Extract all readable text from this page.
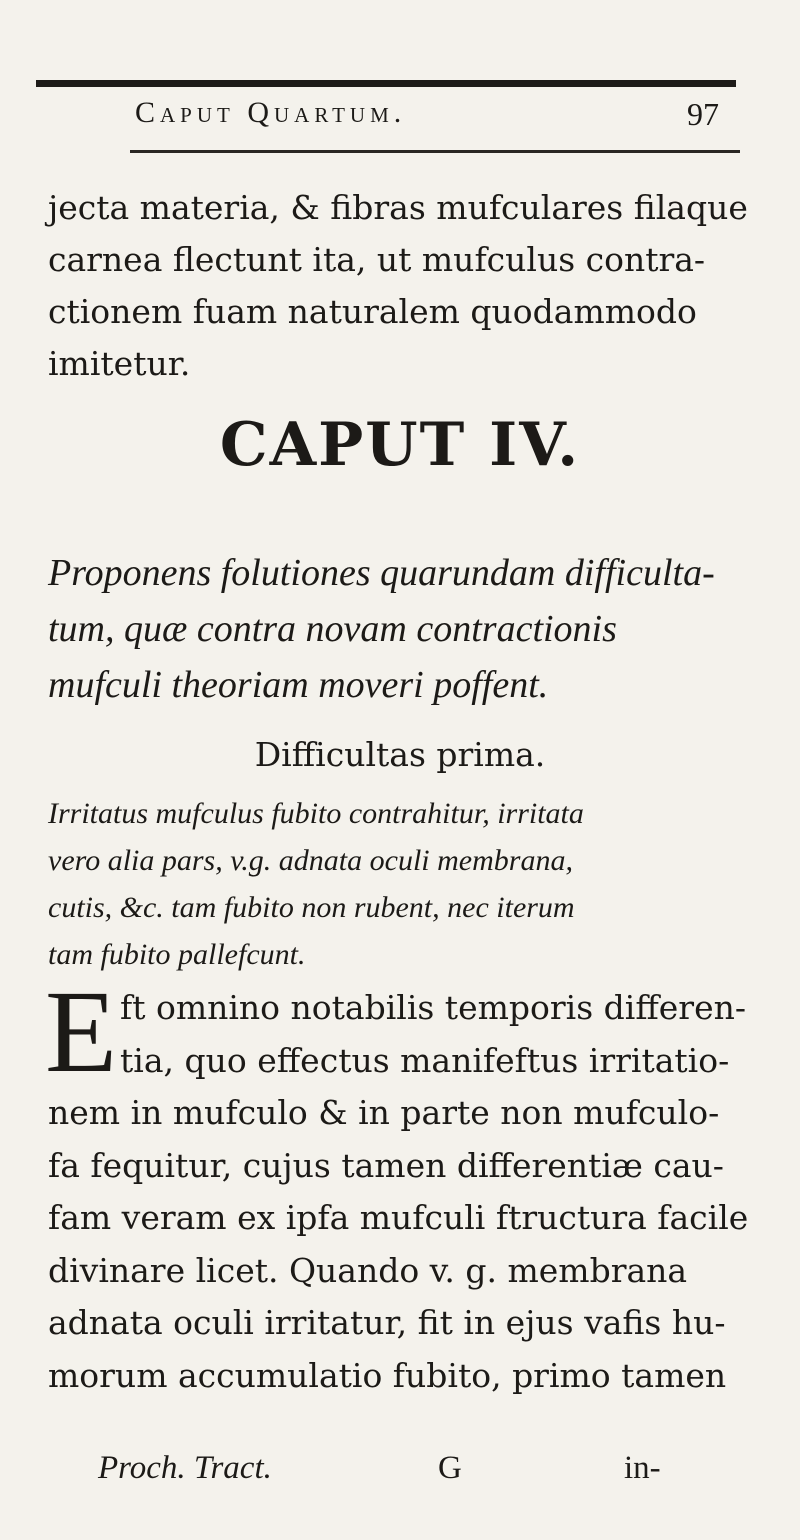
Caput Quartum.	97

jecta materia, & fibras mufculares filaque
carnea flectunt ita, ut mufculus contra-
ctionem fuam naturalem quodammodo
imitetur.

CAPUT IV.
Proponens folutiones quarundam difficulta-
tum, quæ contra novam contractionis
mufculi theoriam moveri poffent.
Difficultas prima.
Irritatus mufculus fubito contrahitur, irritata
vero alia pars, v.g. adnata oculi membrana,
cutis, &c. tam fubito non rubent, nec iterum
tam fubito pallefcunt.
E ft omnino notabilis temporis differen-
tia, quo effectus manifeftus irritatio-
nem in mufculo & in parte non mufculo-
fa fequitur, cujus tamen differentiæ cau-
fam veram ex ipfa mufculi ftructura facile
divinare licet. Quando v. g. membrana
adnata oculi irritatur, fit in ejus vafis hu-
morum accumulatio fubito, primo tamen

Proch. Tract.	G	in-
